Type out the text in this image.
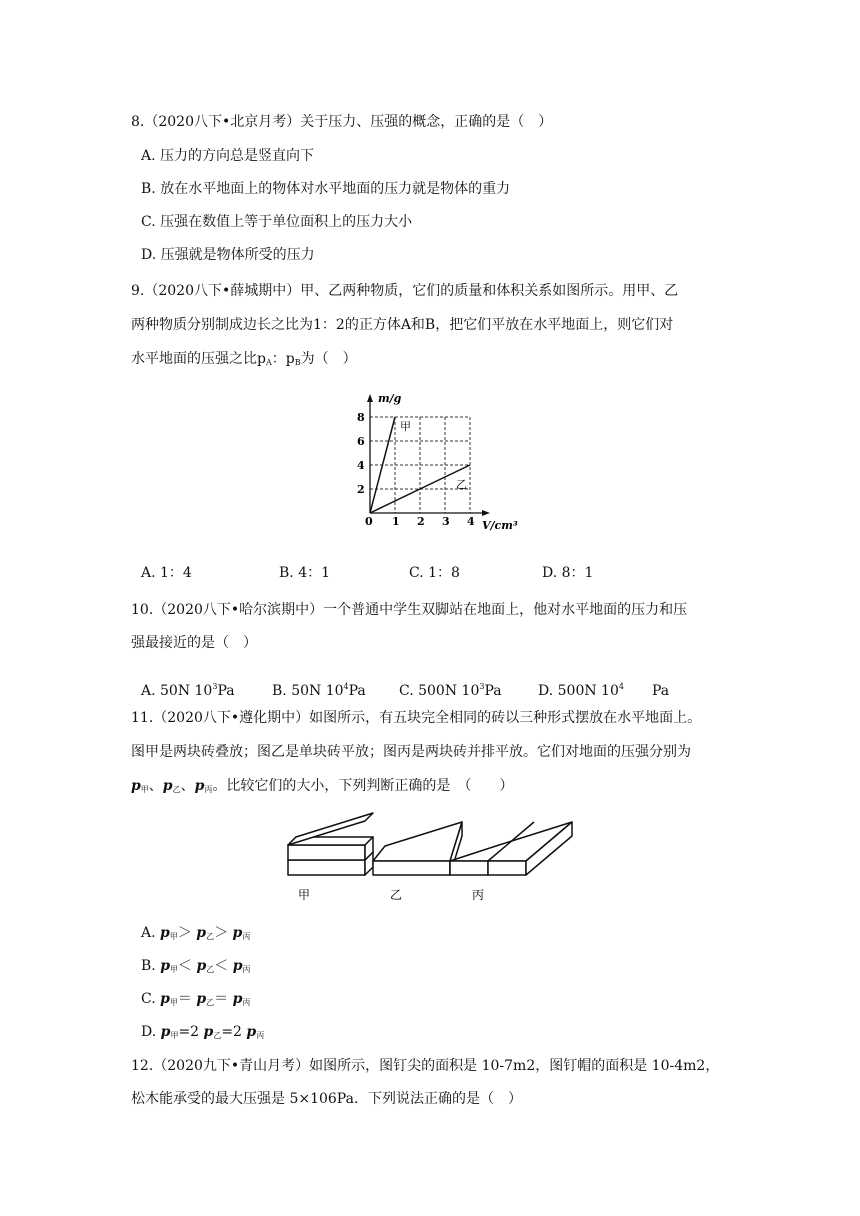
8.（2020八下•北京月考）关于压力、压强的概念，正确的是（　）
A. 压力的方向总是竖直向下
B. 放在水平地面上的物体对水平地面的压力就是物体的重力
C. 压强在数值上等于单位面积上的压力大小
D. 压强就是物体所受的压力
9.（2020八下•薛城期中）甲、乙两种物质，它们的质量和体积关系如图所示。用甲、乙
两种物质分别制成边长之比为1：2的正方体A和B，把它们平放在水平地面上，则它们对
水平地面的压强之比$p_A$：$p_B$为（　）
m/g
V/cm³
0
2
4
6
8
1 2 3 4
甲
乙
A. 1：4	B. 4：1	C. 1：8	D. 8：1
10.（2020八下•哈尔滨期中）一个普通中学生双脚站在地面上，他对水平地面的压力和压
强最接近的是（　）
A. 50N $10^3Pa$	B. 50N $10^4Pa$ C. 500N $10^3Pa$	D. 500N $10^4$ Pa
11.（2020八下•遵化期中）如图所示，有五块完全相同的砖以三种形式摆放在水平地面上。
图甲是两块砖叠放；图乙是单块砖平放；图丙是两块砖并排平放。它们对地面的压强分别为
$p_甲$、$p_乙$、$p_丙$。比较它们的大小，下列判断正确的是　（　　）
甲	乙	丙
A. $p_甲> p_乙> p_丙$
B. $p_甲< p_乙< p_丙$
C. $p_甲= p_乙= p_丙$
D. $p_甲=2$ $p_乙=2$ $p_丙$
12.（2020九下•青山月考）如图所示，图钉尖的面积是 10-7m2，图钉帽的面积是 10-4m2，
松木能承受的最大压强是 5×106Pa．下列说法正确的是（　）
